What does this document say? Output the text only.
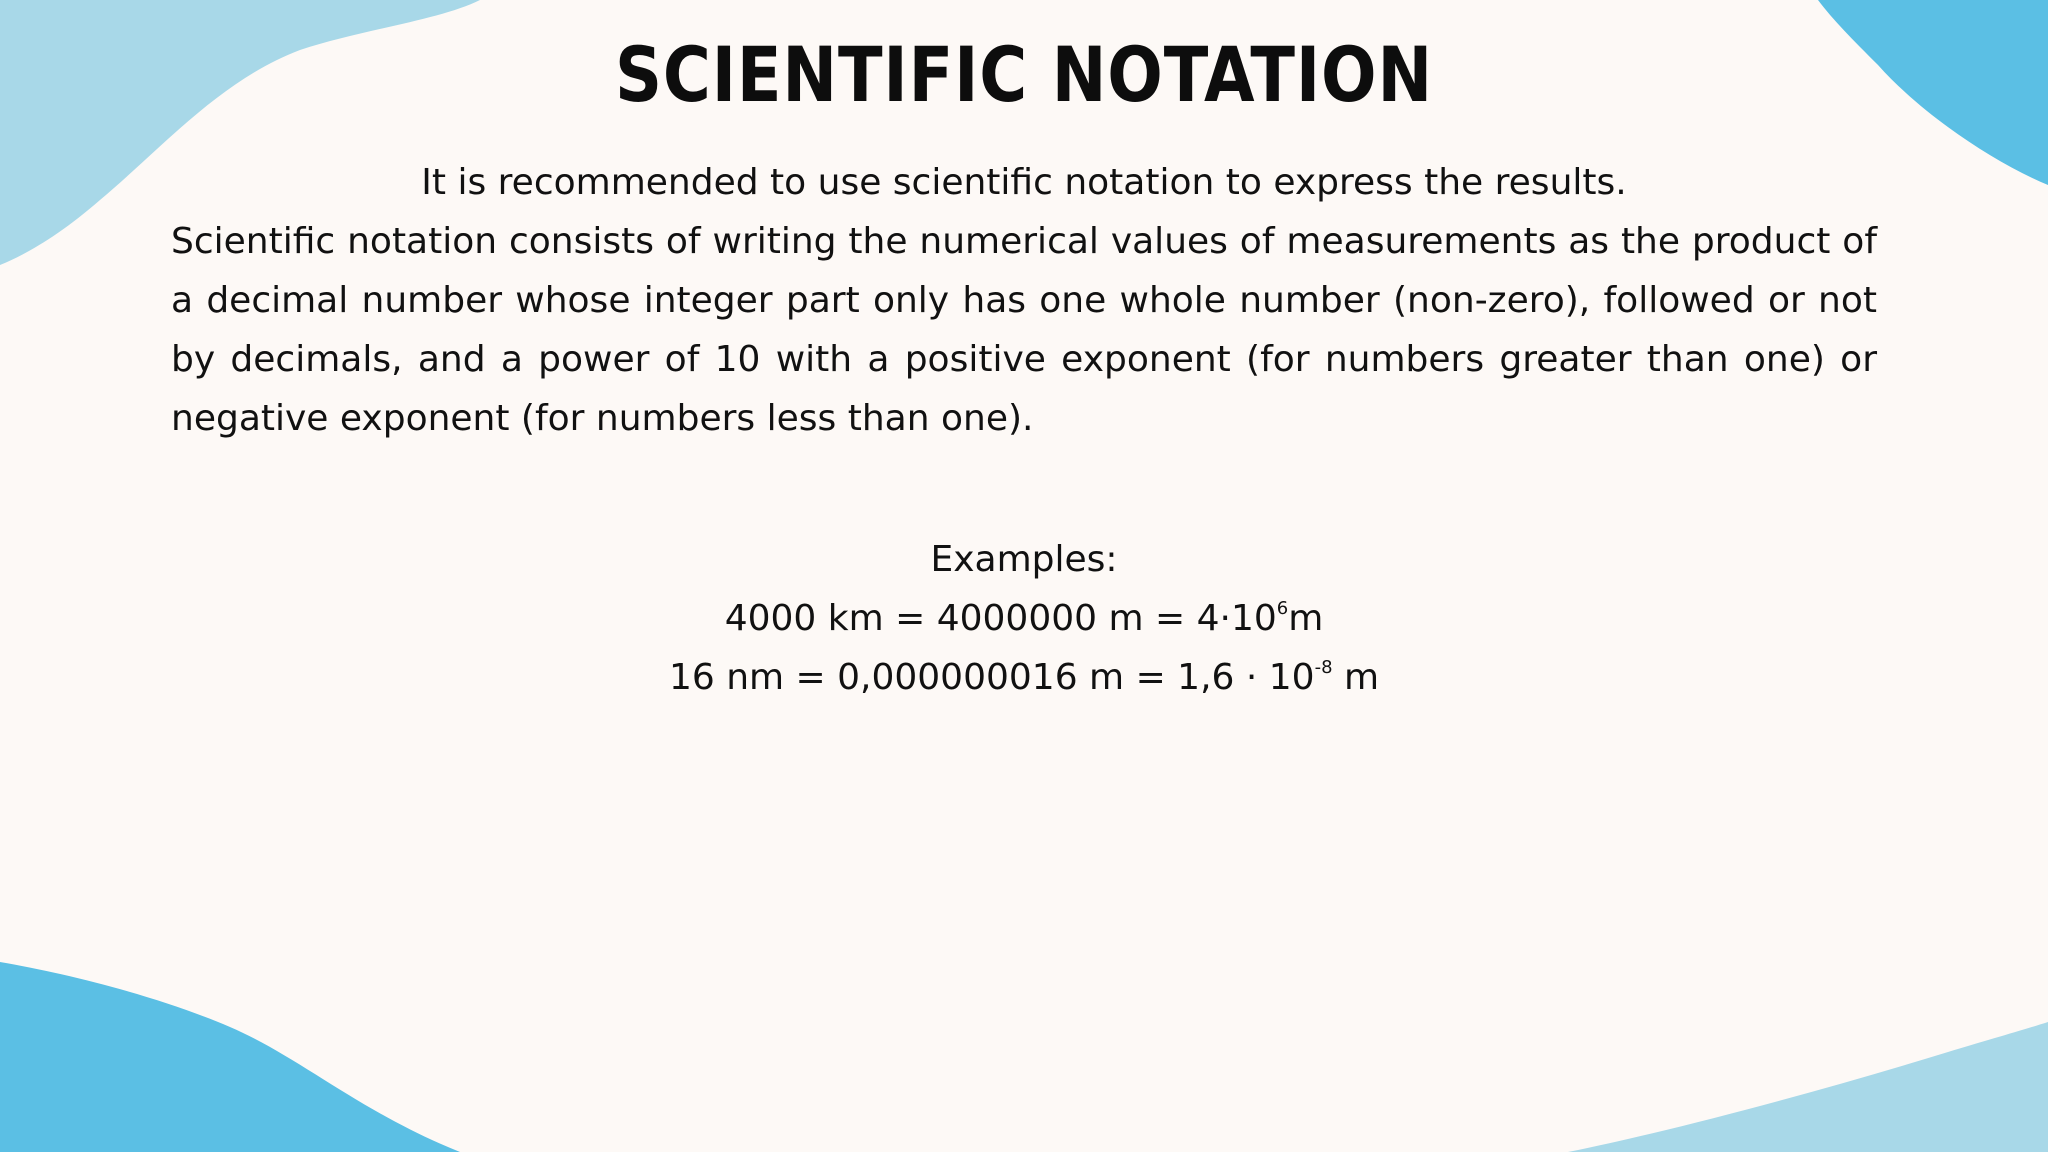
SCIENTIFIC NOTATION

It is recommended to use scientific notation to express the results.

Scientific notation consists of writing the numerical values of measurements as the product of a decimal number whose integer part only has one whole number (non-zero), followed or not by decimals, and a power of 10 with a positive exponent (for numbers greater than one) or negative exponent (for numbers less than one).

Examples:
4000 km = 4000000 $m = 4\cdot 10^6m$
16 nm = 0,000000016 $m = 1,6 \cdot 10^{-8}$ m
